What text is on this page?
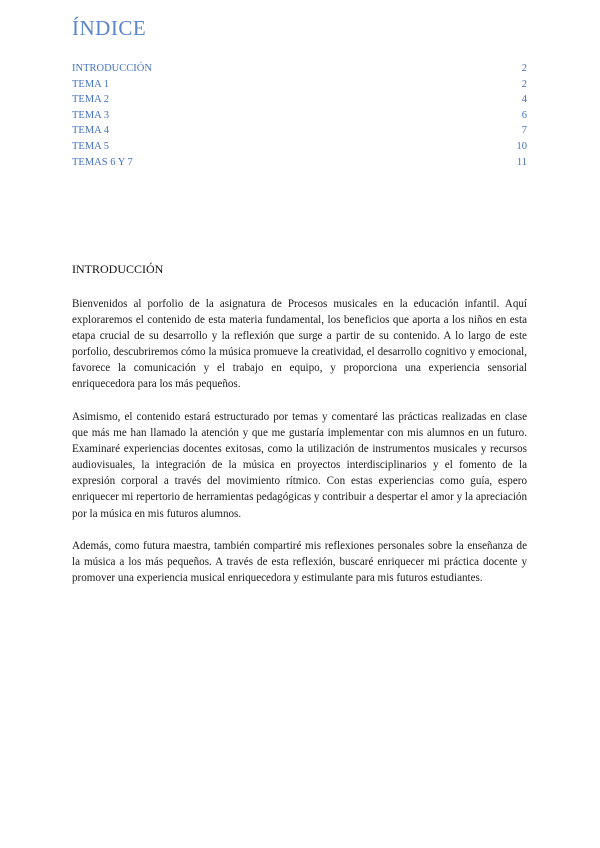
ÍNDICE
INTRODUCCIÓN	2
TEMA 1	2
TEMA 2	4
TEMA 3	6
TEMA 4	7
TEMA 5	10
TEMAS 6 Y 7	11
INTRODUCCIÓN

Bienvenidos al porfolio de la asignatura de Procesos musicales en la educación infantil. Aquí exploraremos el contenido de esta materia fundamental, los beneficios que aporta a los niños en esta etapa crucial de su desarrollo y la reflexión que surge a partir de su contenido. A lo largo de este porfolio, descubriremos cómo la música promueve la creatividad, el desarrollo cognitivo y emocional, favorece la comunicación y el trabajo en equipo, y proporciona una experiencia sensorial enriquecedora para los más pequeños.

Asimismo, el contenido estará estructurado por temas y comentaré las prácticas realizadas en clase que más me han llamado la atención y que me gustaría implementar con mis alumnos en un futuro. Examinaré experiencias docentes exitosas, como la utilización de instrumentos musicales y recursos audiovisuales, la integración de la música en proyectos interdisciplinarios y el fomento de la expresión corporal a través del movimiento rítmico. Con estas experiencias como guía, espero enriquecer mi repertorio de herramientas pedagógicas y contribuir a despertar el amor y la apreciación por la música en mis futuros alumnos.

Además, como futura maestra, también compartiré mis reflexiones personales sobre la enseñanza de la música a los más pequeños. A través de esta reflexión, buscaré enriquecer mi práctica docente y promover una experiencia musical enriquecedora y estimulante para mis futuros estudiantes.
